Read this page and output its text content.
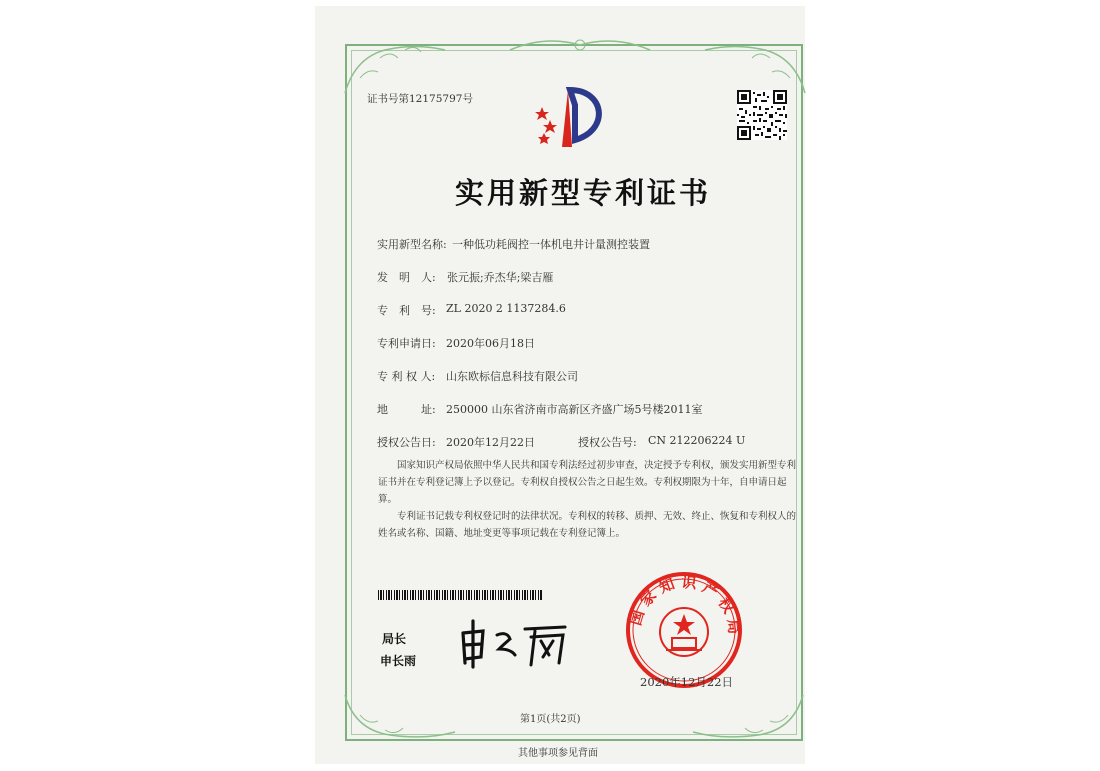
证书号第12175797号
实用新型专利证书
实用新型名称: 一种低功耗阀控一体机电井计量测控装置
发　明　人: 张元振;乔杰华;梁吉雁
专　利　号: ZL 2020 2 1137284.6
专利申请日: 2020年06月18日
专 利 权 人: 山东欧标信息科技有限公司
地　　　址: 250000 山东省济南市高新区齐盛广场5号楼2011室
授权公告日: 2020年12月22日	授权公告号: CN 212206224 U
国家知识产权局依照中华人民共和国专利法经过初步审查，决定授予专利权，颁发实用新型专利证书并在专利登记簿上予以登记。专利权自授权公告之日起生效。专利权期限为十年，自申请日起算。
专利证书记载专利权登记时的法律状况。专利权的转移、质押、无效、终止、恢复和专利权人的姓名或名称、国籍、地址变更等事项记载在专利登记簿上。
局长
申长雨
国 家 知 识 产 权 局
2020年12月22日
第1页(共2页)
其他事项参见背面
